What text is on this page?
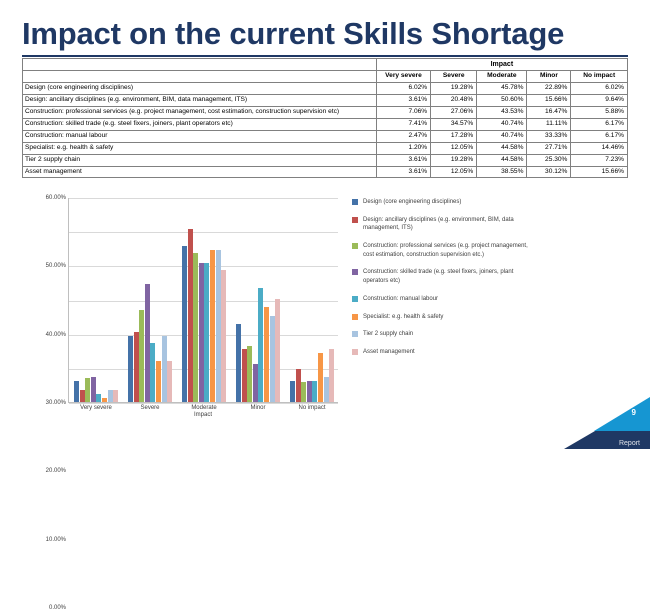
Impact on the current Skills Shortage
	Impact				
	Very severe	Severe	Moderate	Minor	No impact
Design (core engineering disciplines)	6.02%	19.28%	45.78%	22.89%	6.02%
Design: ancillary disciplines (e.g. environment, BIM, data management, ITS)	3.61%	20.48%	50.60%	15.66%	9.64%
Construction: professional services (e.g. project management, cost estimation, construction supervision etc)	7.06%	27.06%	43.53%	16.47%	5.88%
Construction: skilled trade (e.g. steel fixers, joiners, plant operators etc)	7.41%	34.57%	40.74%	11.11%	6.17%
Construction: manual labour	2.47%	17.28%	40.74%	33.33%	6.17%
Specialist: e.g. health & safety	1.20%	12.05%	44.58%	27.71%	14.46%
Tier 2 supply chain	3.61%	19.28%	44.58%	25.30%	7.23%
Asset management	3.61%	12.05%	38.55%	30.12%	15.66%
0.00%
10.00%
20.00%
30.00%
40.00%
50.00%
60.00%
Very severe	Severe	Moderate	Minor	No impact
Impact
Design (core engineering disciplines)
Design: ancillary disciplines (e.g. environment, BIM, data management, ITS)
Construction: professional services (e.g. project management, cost estimation, construction supervision etc.)
Construction: skilled trade (e.g. steel fixers, joiners, plant operators etc)
Construction: manual labour
Specialist: e.g. health & safety
Tier 2 supply chain
Asset management
9
Report
